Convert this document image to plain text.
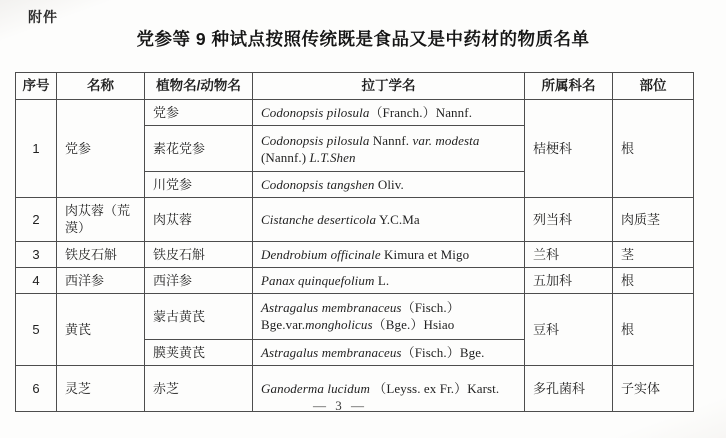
附件
党参等 9 种试点按照传统既是食品又是中药材的物质名单
序号	名称	植物名/动物名	拉丁学名	所属科名	部位
1	党参	党参	Codonopsis pilosula（Franch.）Nannf.	桔梗科	根
		素花党参	Codonopsis pilosula Nannf. var. modesta (Nannf.) L.T.Shen		
		川党参	Codonopsis tangshen Oliv.		
2	肉苁蓉（荒漠）	肉苁蓉	Cistanche deserticola Y.C.Ma	列当科	肉质茎
3	铁皮石斛	铁皮石斛	Dendrobium officinale Kimura et Migo	兰科	茎
4	西洋参	西洋参	Panax quinquefolium L.	五加科	根
5	黄芪	蒙古黄芪	Astragalus membranaceus（Fisch.）Bge.var.mongholicus（Bge.）Hsiao	豆科	根
		膜荚黄芪	Astragalus membranaceus（Fisch.）Bge.		
6	灵芝	赤芝	Ganoderma lucidum （Leyss. ex Fr.）Karst.	多孔菌科	子实体
— 3 —
